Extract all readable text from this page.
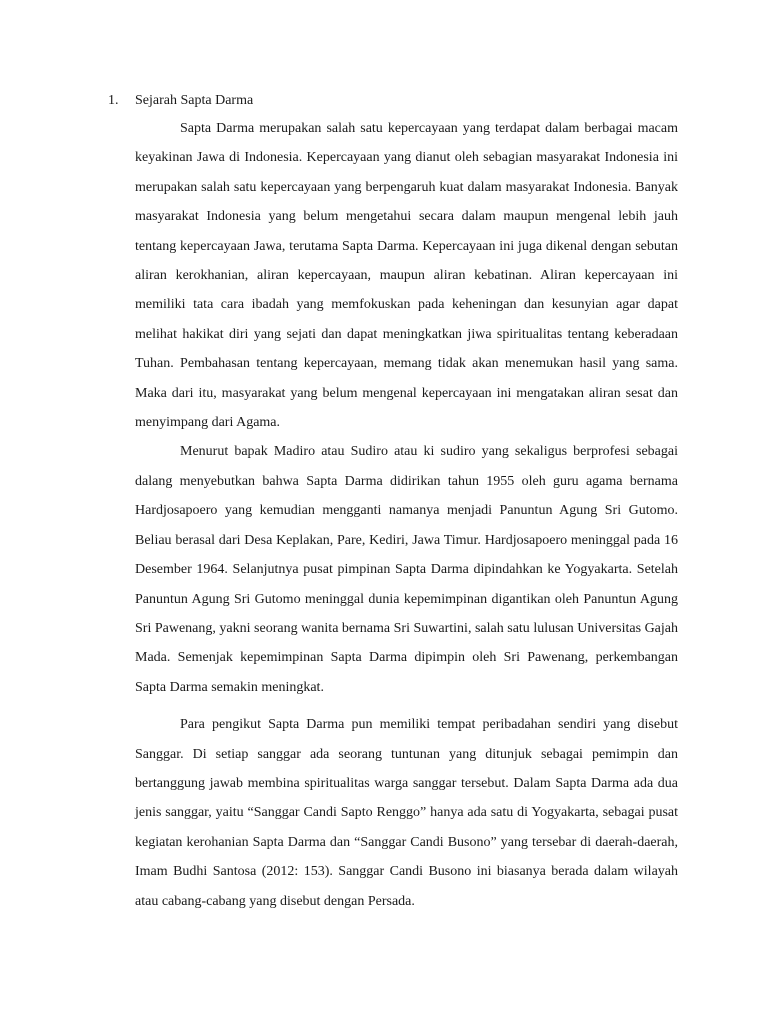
1. Sejarah Sapta Darma

Sapta Darma merupakan salah satu kepercayaan yang terdapat dalam berbagai macam keyakinan Jawa di Indonesia. Kepercayaan yang dianut oleh sebagian masyarakat Indonesia ini merupakan salah satu kepercayaan yang berpengaruh kuat dalam masyarakat Indonesia. Banyak masyarakat Indonesia yang belum mengetahui secara dalam maupun mengenal lebih jauh tentang kepercayaan Jawa, terutama Sapta Darma. Kepercayaan ini juga dikenal dengan sebutan aliran kerokhanian, aliran kepercayaan, maupun aliran kebatinan. Aliran kepercayaan ini memiliki tata cara ibadah yang memfokuskan pada keheningan dan kesunyian agar dapat melihat hakikat diri yang sejati dan dapat meningkatkan jiwa spiritualitas tentang keberadaan Tuhan. Pembahasan tentang kepercayaan, memang tidak akan menemukan hasil yang sama. Maka dari itu, masyarakat yang belum mengenal kepercayaan ini mengatakan aliran sesat dan menyimpang dari Agama.

Menurut bapak Madiro atau Sudiro atau ki sudiro yang sekaligus berprofesi sebagai dalang menyebutkan bahwa Sapta Darma didirikan tahun 1955 oleh guru agama bernama Hardjosapoero yang kemudian mengganti namanya menjadi Panuntun Agung Sri Gutomo. Beliau berasal dari Desa Keplakan, Pare, Kediri, Jawa Timur. Hardjosapoero meninggal pada 16 Desember 1964. Selanjutnya pusat pimpinan Sapta Darma dipindahkan ke Yogyakarta. Setelah Panuntun Agung Sri Gutomo meninggal dunia kepemimpinan digantikan oleh Panuntun Agung Sri Pawenang, yakni seorang wanita bernama Sri Suwartini, salah satu lulusan Universitas Gajah Mada. Semenjak kepemimpinan Sapta Darma dipimpin oleh Sri Pawenang, perkembangan Sapta Darma semakin meningkat.

Para pengikut Sapta Darma pun memiliki tempat peribadahan sendiri yang disebut Sanggar. Di setiap sanggar ada seorang tuntunan yang ditunjuk sebagai pemimpin dan bertanggung jawab membina spiritualitas warga sanggar tersebut. Dalam Sapta Darma ada dua jenis sanggar, yaitu “Sanggar Candi Sapto Renggo” hanya ada satu di Yogyakarta, sebagai pusat kegiatan kerohanian Sapta Darma dan “Sanggar Candi Busono” yang tersebar di daerah-daerah, Imam Budhi Santosa (2012: 153). Sanggar Candi Busono ini biasanya berada dalam wilayah atau cabang-cabang yang disebut dengan Persada.
